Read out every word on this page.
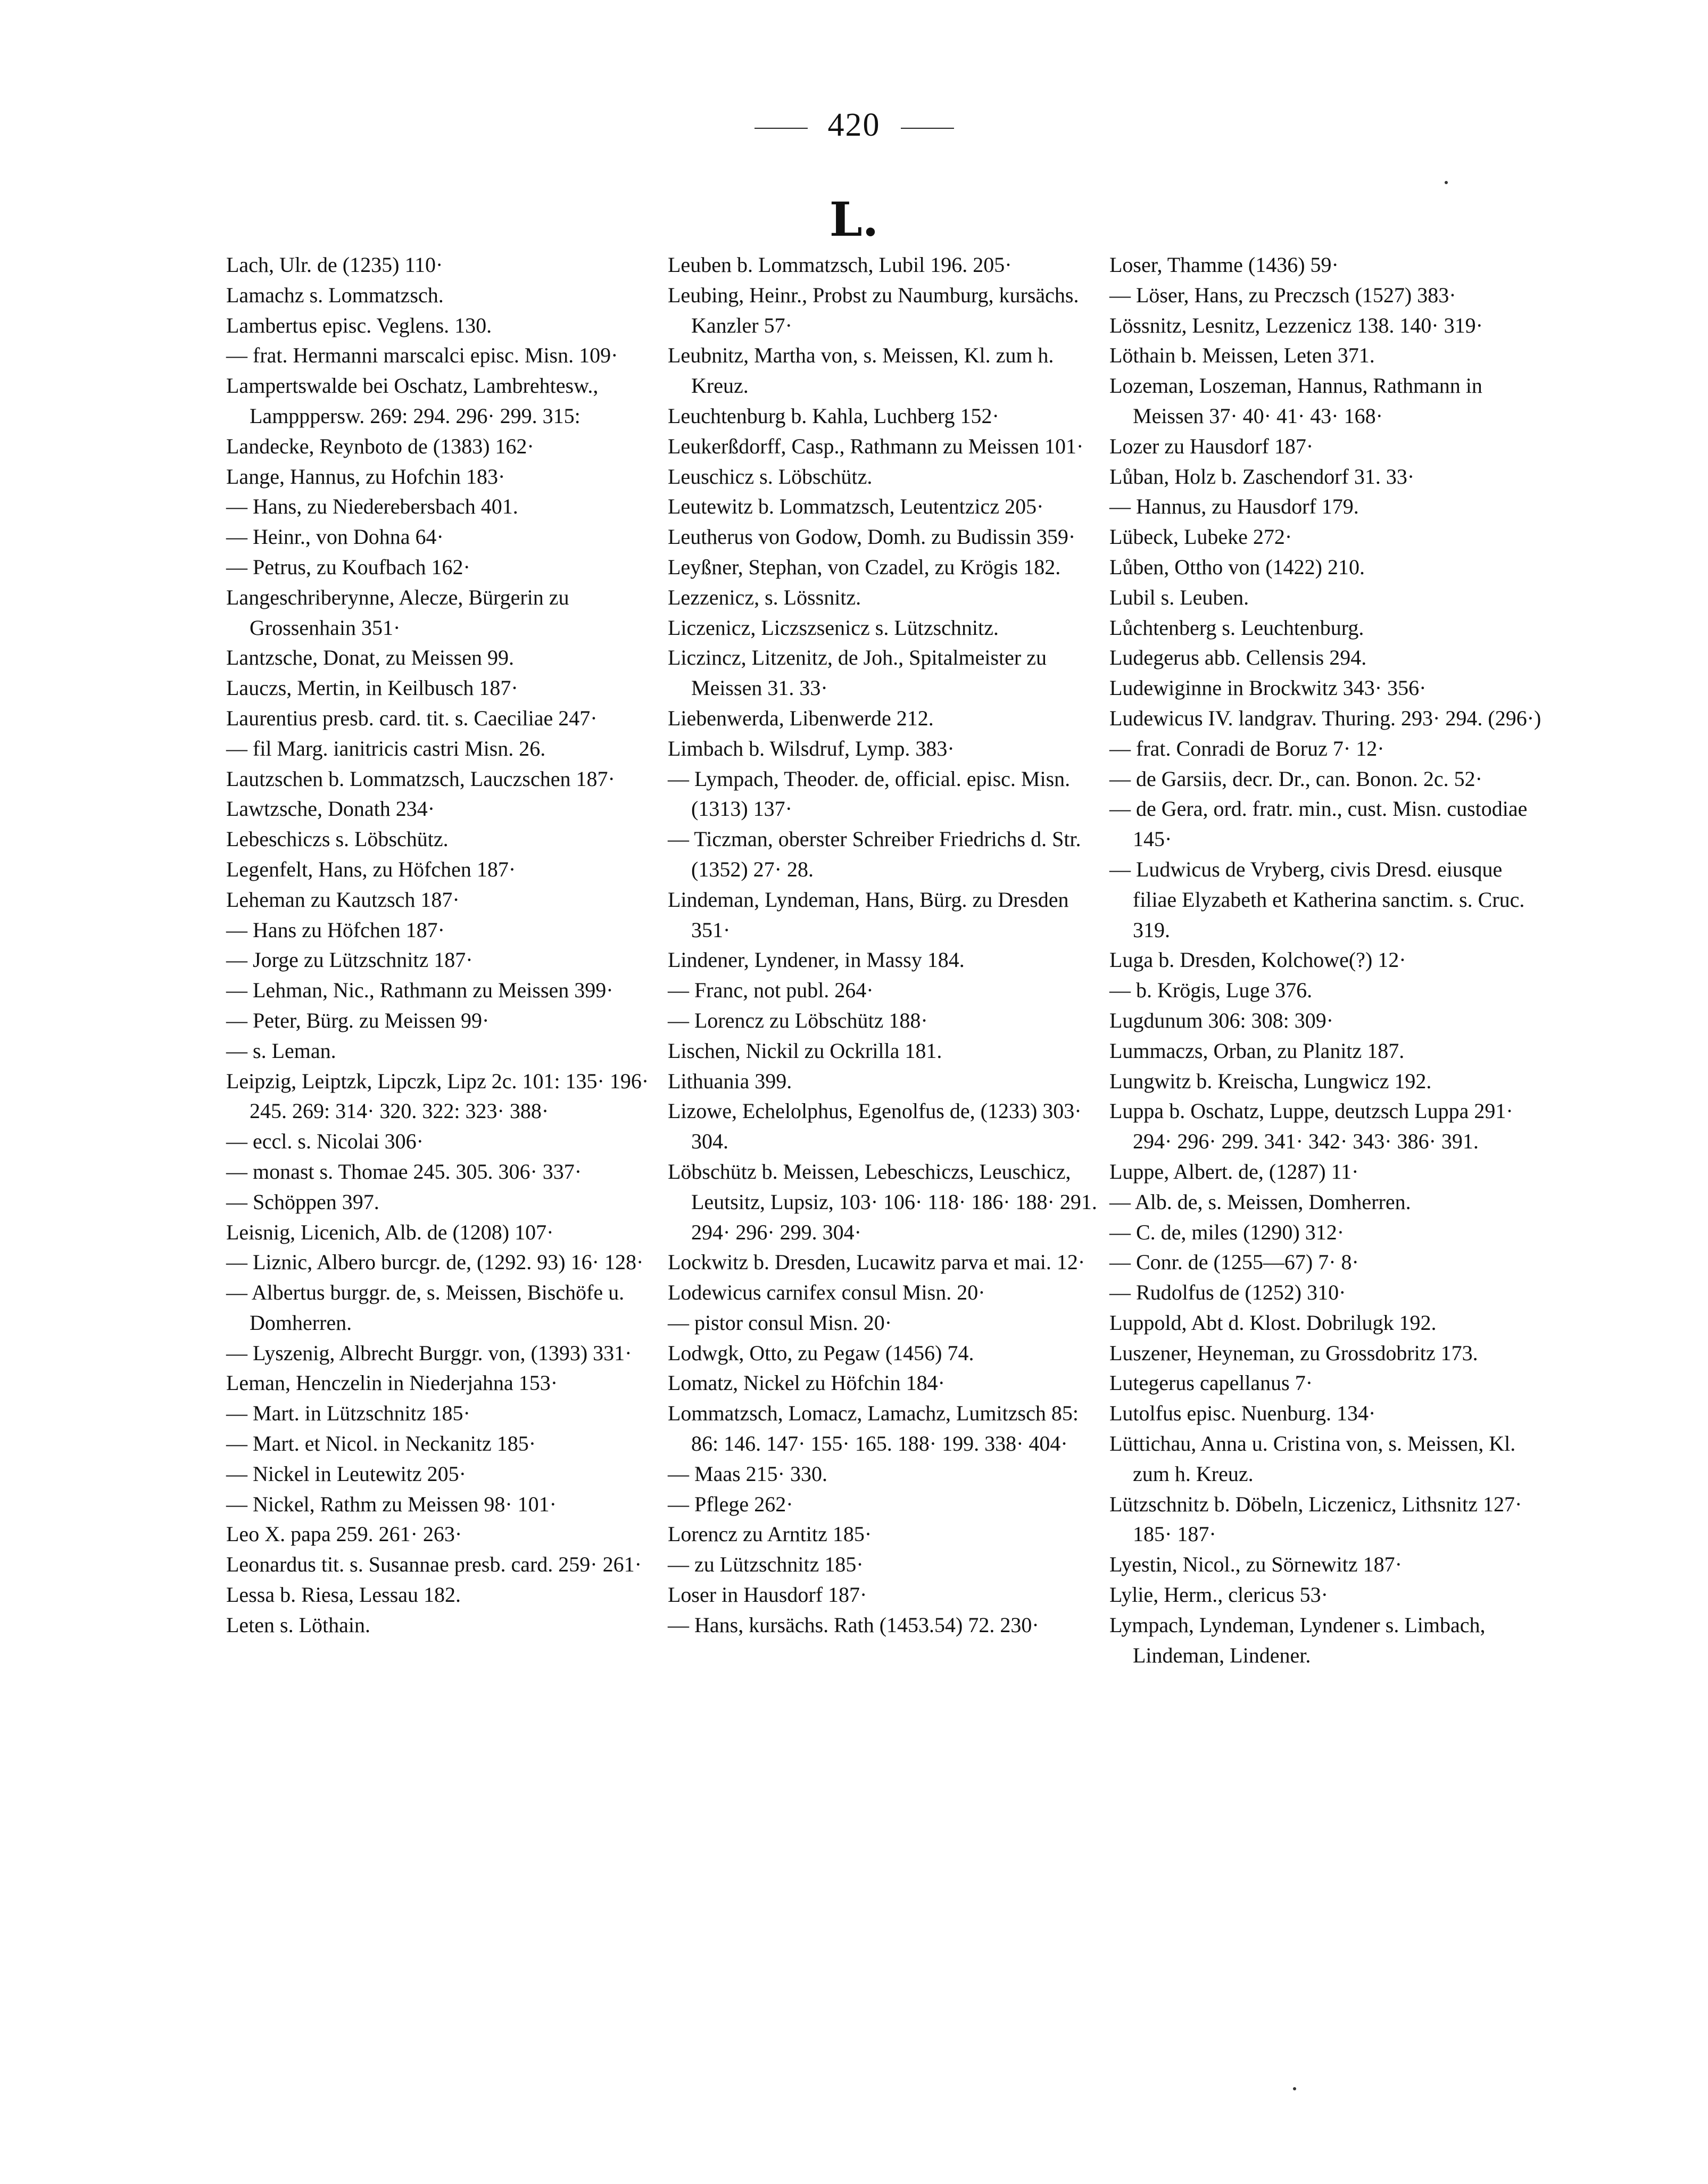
420
L.

Lach, Ulr. de (1235) 110·

Lamachz s. Lommatzsch.

Lambertus episc. Veglens. 130.

— frat. Hermanni marscalci episc. Misn. 109·

Lampertswalde bei Oschatz, Lambrehtesw., Lampppersw. 269: 294. 296· 299. 315:

Landecke, Reynboto de (1383) 162·

Lange, Hannus, zu Hofchin 183·

— Hans, zu Niederebersbach 401.

— Heinr., von Dohna 64·

— Petrus, zu Koufbach 162·

Langeschriberynne, Alecze, Bürgerin zu Grossenhain 351·

Lantzsche, Donat, zu Meissen 99.

Lauczs, Mertin, in Keilbusch 187·

Laurentius presb. card. tit. s. Caeciliae 247·

— fil Marg. ianitricis castri Misn. 26.

Lautzschen b. Lommatzsch, Lauczschen 187·

Lawtzsche, Donath 234·

Lebeschiczs s. Löbschütz.

Legenfelt, Hans, zu Höfchen 187·

Leheman zu Kautzsch 187·

— Hans zu Höfchen 187·

— Jorge zu Lützschnitz 187·

— Lehman, Nic., Rathmann zu Meissen 399·

— Peter, Bürg. zu Meissen 99·

— s. Leman.

Leipzig, Leiptzk, Lipczk, Lipz 2c. 101: 135· 196· 245. 269: 314· 320. 322: 323· 388·

— eccl. s. Nicolai 306·

— monast s. Thomae 245. 305. 306· 337·

— Schöppen 397.

Leisnig, Licenich, Alb. de (1208) 107·

— Liznic, Albero burcgr. de, (1292. 93) 16· 128·

— Albertus burggr. de, s. Meissen, Bischöfe u. Domherren.

— Lyszenig, Albrecht Burggr. von, (1393) 331·

Leman, Henczelin in Niederjahna 153·

— Mart. in Lützschnitz 185·

— Mart. et Nicol. in Neckanitz 185·

— Nickel in Leutewitz 205·

— Nickel, Rathm zu Meissen 98· 101·

Leo X. papa 259. 261· 263·

Leonardus tit. s. Susannae presb. card. 259· 261·

Lessa b. Riesa, Lessau 182.

Leten s. Löthain.

Leuben b. Lommatzsch, Lubil 196. 205·

Leubing, Heinr., Probst zu Naumburg, kursächs. Kanzler 57·

Leubnitz, Martha von, s. Meissen, Kl. zum h. Kreuz.

Leuchtenburg b. Kahla, Luchberg 152·

Leukerßdorff, Casp., Rathmann zu Meissen 101·

Leuschicz s. Löbschütz.

Leutewitz b. Lommatzsch, Leutentzicz 205·

Leutherus von Godow, Domh. zu Budissin 359·

Leyßner, Stephan, von Czadel, zu Krögis 182.

Lezzenicz, s. Lössnitz.

Liczenicz, Liczszsenicz s. Lützschnitz.

Liczincz, Litzenitz, de Joh., Spitalmeister zu Meissen 31. 33·

Liebenwerda, Libenwerde 212.

Limbach b. Wilsdruf, Lymp. 383·

— Lympach, Theoder. de, official. episc. Misn. (1313) 137·

— Ticzman, oberster Schreiber Friedrichs d. Str. (1352) 27· 28.

Lindeman, Lyndeman, Hans, Bürg. zu Dresden 351·

Lindener, Lyndener, in Massy 184.

— Franc, not publ. 264·

— Lorencz zu Löbschütz 188·

Lischen, Nickil zu Ockrilla 181.

Lithuania 399.

Lizowe, Echelolphus, Egenolfus de, (1233) 303· 304.

Löbschütz b. Meissen, Lebeschiczs, Leuschicz, Leutsitz, Lupsiz, 103· 106· 118· 186· 188· 291. 294· 296· 299. 304·

Lockwitz b. Dresden, Lucawitz parva et mai. 12·

Lodewicus carnifex consul Misn. 20·

— pistor consul Misn. 20·

Lodwgk, Otto, zu Pegaw (1456) 74.

Lomatz, Nickel zu Höfchin 184·

Lommatzsch, Lomacz, Lamachz, Lumitzsch 85: 86: 146. 147· 155· 165. 188· 199. 338· 404·

— Maas 215· 330.

— Pflege 262·

Lorencz zu Arntitz 185·

— zu Lützschnitz 185·

Loser in Hausdorf 187·

— Hans, kursächs. Rath (1453.54) 72. 230·

Loser, Thamme (1436) 59·

— Löser, Hans, zu Preczsch (1527) 383·

Lössnitz, Lesnitz, Lezzenicz 138. 140· 319·

Löthain b. Meissen, Leten 371.

Lozeman, Loszeman, Hannus, Rathmann in Meissen 37· 40· 41· 43· 168·

Lozer zu Hausdorf 187·

Lůban, Holz b. Zaschendorf 31. 33·

— Hannus, zu Hausdorf 179.

Lübeck, Lubeke 272·

Lůben, Ottho von (1422) 210.

Lubil s. Leuben.

Lůchtenberg s. Leuchtenburg.

Ludegerus abb. Cellensis 294.

Ludewiginne in Brockwitz 343· 356·

Ludewicus IV. landgrav. Thuring. 293· 294. (296·)

— frat. Conradi de Boruz 7· 12·

— de Garsiis, decr. Dr., can. Bonon. 2c. 52·

— de Gera, ord. fratr. min., cust. Misn. custodiae 145·

— Ludwicus de Vryberg, civis Dresd. eiusque filiae Elyzabeth et Katherina sanctim. s. Cruc. 319.

Luga b. Dresden, Kolchowe(?) 12·

— b. Krögis, Luge 376.

Lugdunum 306: 308: 309·

Lummaczs, Orban, zu Planitz 187.

Lungwitz b. Kreischa, Lungwicz 192.

Luppa b. Oschatz, Luppe, deutzsch Luppa 291· 294· 296· 299. 341· 342· 343· 386· 391.

Luppe, Albert. de, (1287) 11·

— Alb. de, s. Meissen, Domherren.

— C. de, miles (1290) 312·

— Conr. de (1255—67) 7· 8·

— Rudolfus de (1252) 310·

Luppold, Abt d. Klost. Dobrilugk 192.

Luszener, Heyneman, zu Grossdobritz 173.

Lutegerus capellanus 7·

Lutolfus episc. Nuenburg. 134·

Lüttichau, Anna u. Cristina von, s. Meissen, Kl. zum h. Kreuz.

Lützschnitz b. Döbeln, Liczenicz, Lithsnitz 127· 185· 187·

Lyestin, Nicol., zu Sörnewitz 187·

Lylie, Herm., clericus 53·

Lympach, Lyndeman, Lyndener s. Limbach, Lindeman, Lindener.
